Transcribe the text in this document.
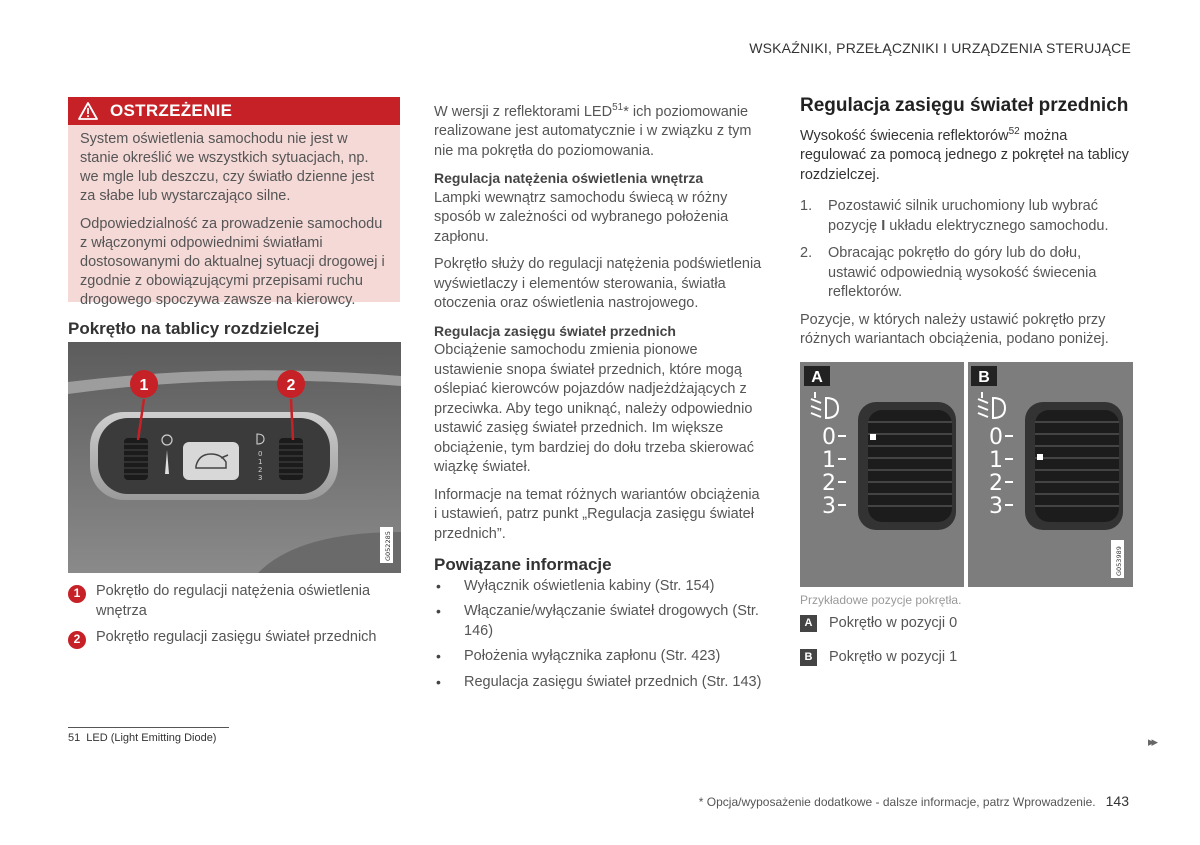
WSKAŹNIKI, PRZEŁĄCZNIKI I URZĄDZENIA STERUJĄCE
OSTRZEŻENIE

System oświetlenia samochodu nie jest w stanie określić we wszystkich sytuacjach, np. we mgle lub deszczu, czy światło dzienne jest za słabe lub wystarczająco silne.

Odpowiedzialność za prowadzenie samochodu z włączonymi odpowiednimi światłami dostosowanymi do aktualnej sytuacji drogowej i zgodnie z obowiązującymi przepisami ruchu drogowego spoczywa zawsze na kierowcy.

Pokrętło na tablicy rozdzielczej
0
1
2
3
1	2
G052285
1	Pokrętło do regulacji natężenia oświetlenia wnętrza
2	Pokrętło regulacji zasięgu świateł przednich
W wersji z reflektorami LED$^{51}$* ich poziomowanie realizowane jest automatycznie i w związku z tym nie ma pokrętła do poziomowania.
Regulacja natężenia oświetlenia wnętrza
Lampki wewnątrz samochodu świecą w różny sposób w zależności od wybranego położenia zapłonu.
Pokrętło służy do regulacji natężenia podświetlenia wyświetlaczy i elementów sterowania, światła otoczenia oraz oświetlenia nastrojowego.
Regulacja zasięgu świateł przednich
Obciążenie samochodu zmienia pionowe ustawienie snopa świateł przednich, które mogą oślepiać kierowców pojazdów nadjeżdżających z przeciwka. Aby tego uniknąć, należy odpowiednio ustawić zasięg świateł przednich. Im większe obciążenie, tym bardziej do dołu trzeba skierować wiązkę świateł.
Informacje na temat różnych wariantów obciążenia i ustawień, patrz punkt „Regulacja zasięgu świateł przednich”.
Powiązane informacje
• Wyłącznik oświetlenia kabiny (Str. 154)
• Włączanie/wyłączanie świateł drogowych (Str. 146)
• Położenia wyłącznika zapłonu (Str. 423)
• Regulacja zasięgu świateł przednich (Str. 143)
Regulacja zasięgu świateł przednich
Wysokość świecenia reflektorów$^{52}$ można regulować za pomocą jednego z pokręteł na tablicy rozdzielczej.
1. Pozostawić silnik uruchomiony lub wybrać pozycję I układu elektrycznego samochodu.
2. Obracając pokrętło do góry lub do dołu, ustawić odpowiednią wysokość świecenia reflektorów.
Pozycje, w których należy ustawić pokrętło przy różnych wariantach obciążenia, podano poniżej.
A
0
1
2
3
B
0
1
2
3
G053989
Przykładowe pozycje pokrętła.
A	Pokrętło w pozycji 0
B	Pokrętło w pozycji 1
51 LED (Light Emitting Diode)	▸▸
* Opcja/wyposażenie dodatkowe - dalsze informacje, patrz Wprowadzenie. 143
